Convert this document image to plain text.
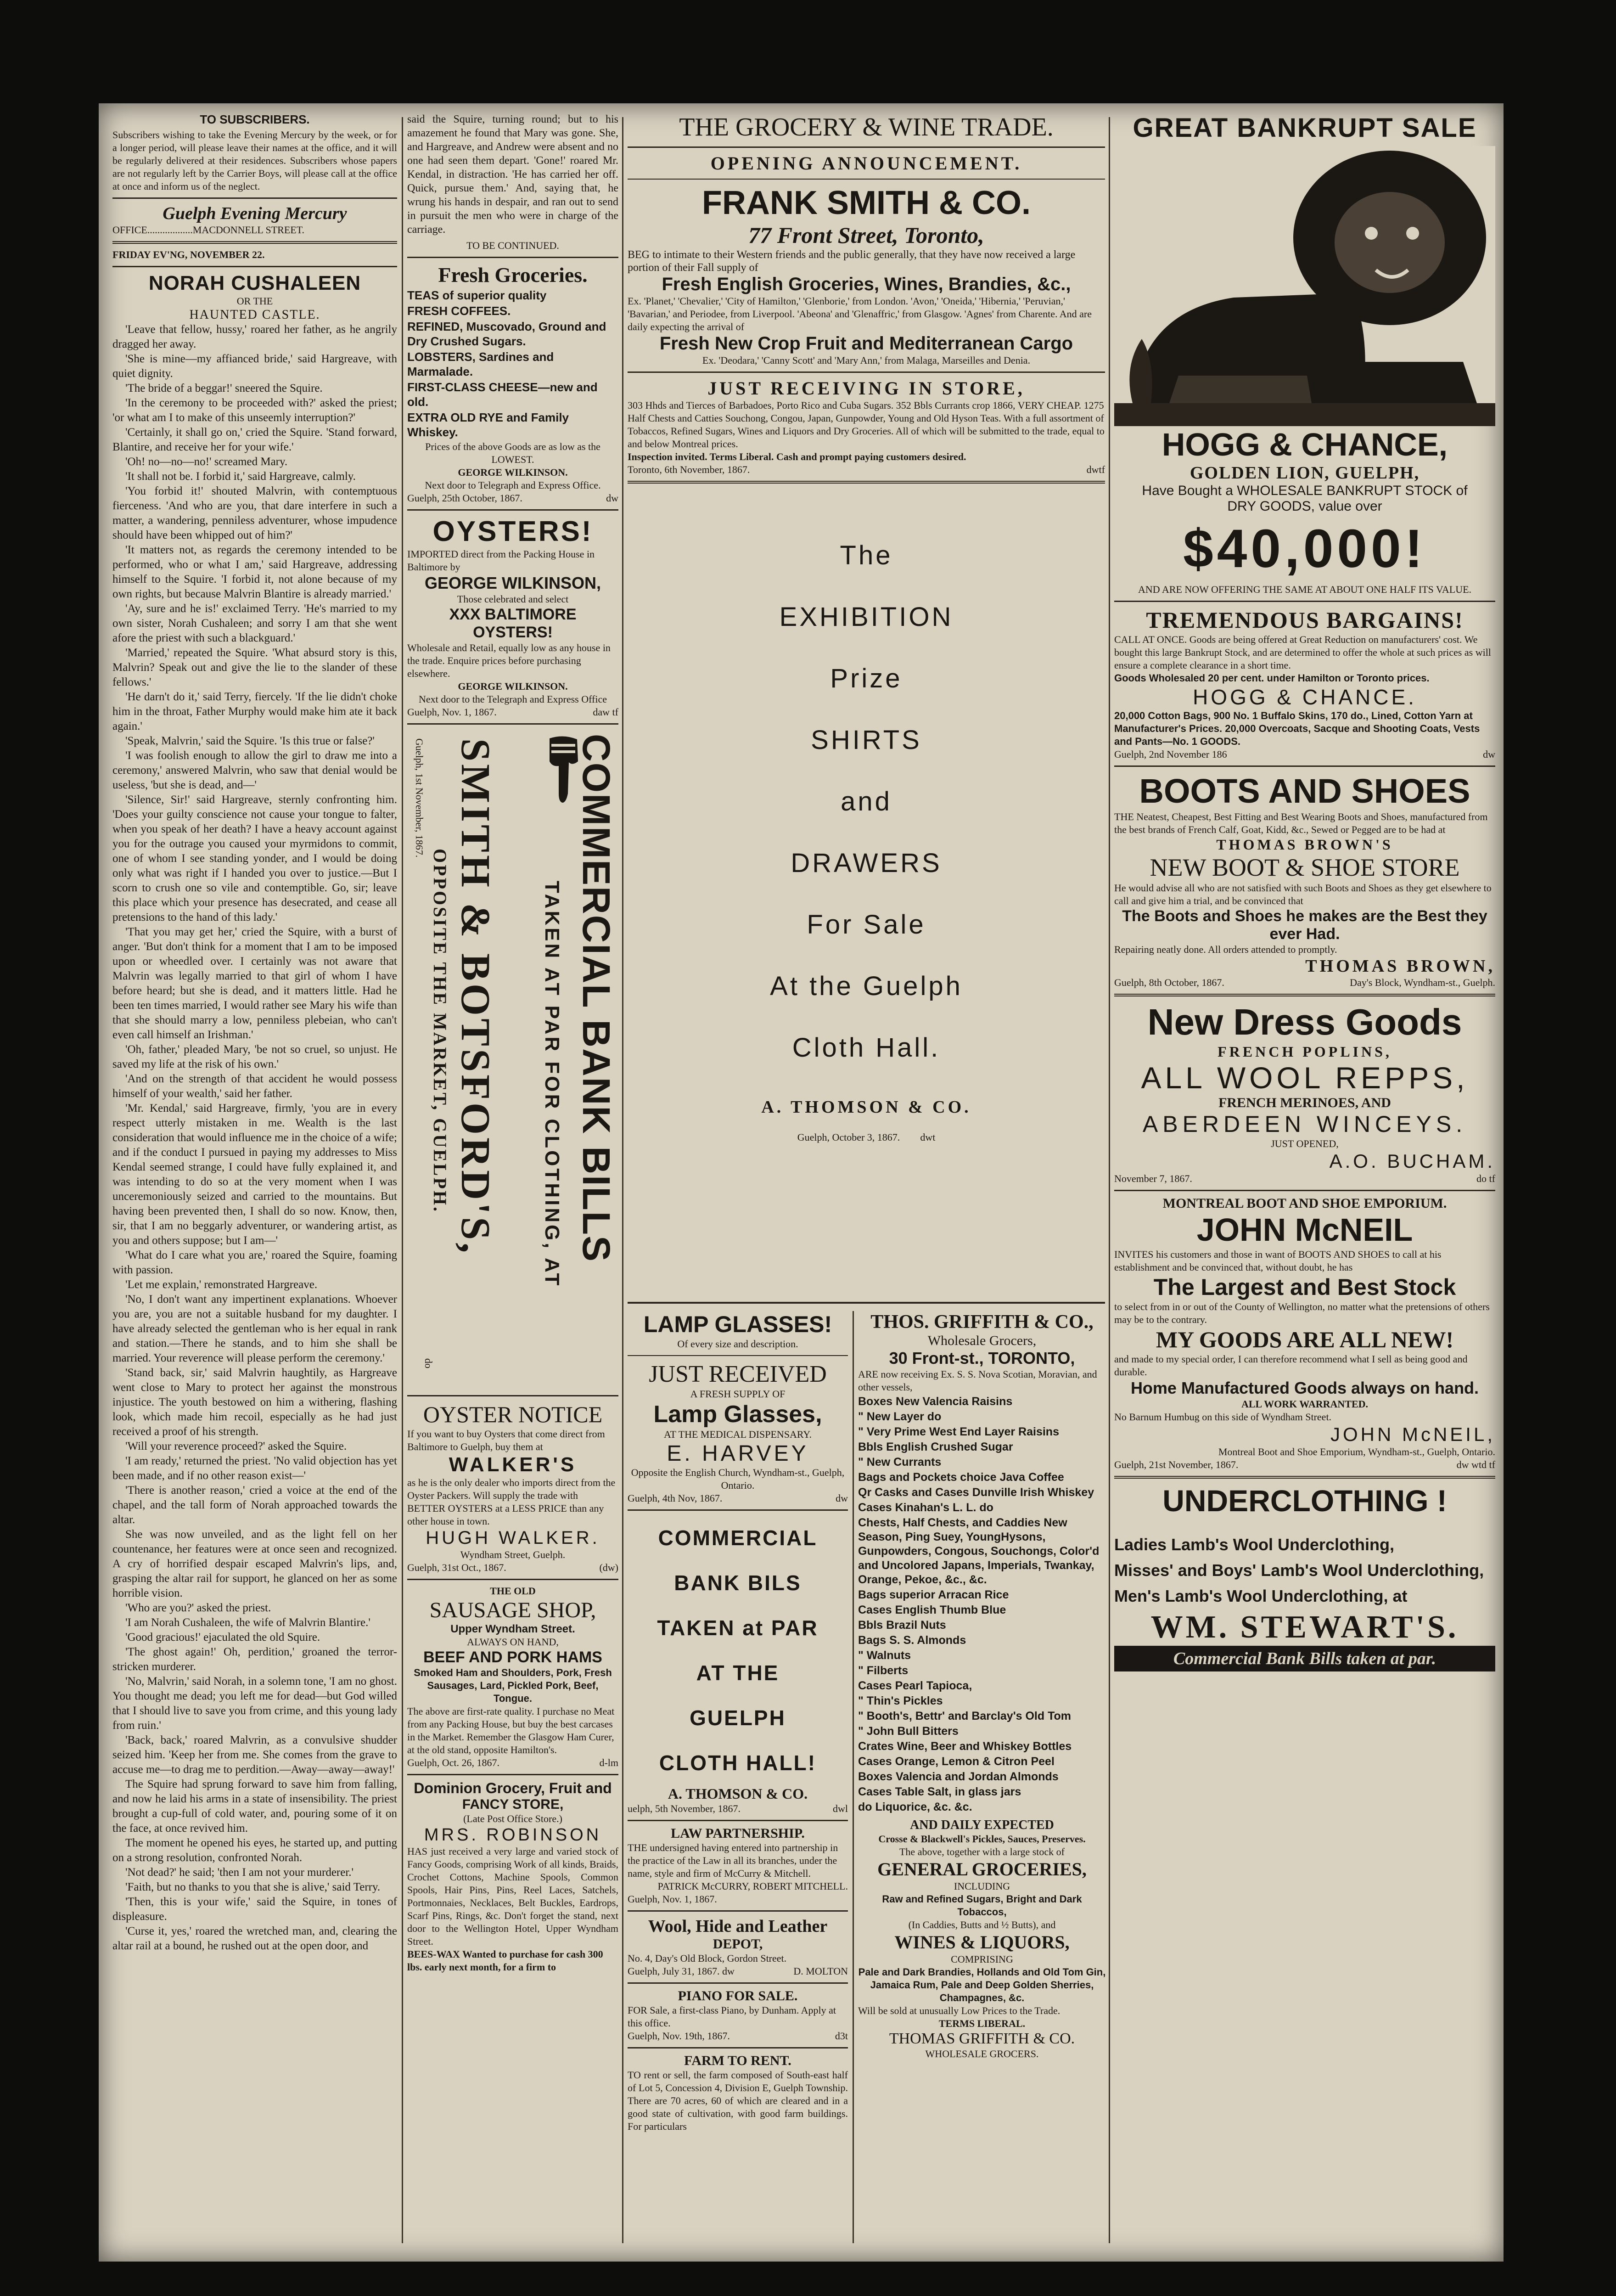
TO SUBSCRIBERS.
Subscribers wishing to take the Evening Mercury by the week, or for a longer period, will please leave their names at the office, and it will be regularly delivered at their residences. Subscribers whose papers are not regularly left by the Carrier Boys, will please call at the office at once and inform us of the neglect.
Guelph Evening Mercury
OFFICE..................MACDONNELL STREET.
FRIDAY EV'NG, NOVEMBER 22.
NORAH CUSHALEEN
OR THE
HAUNTED CASTLE.

'Leave that fellow, hussy,' roared her father, as he angrily dragged her away.

'She is mine—my affianced bride,' said Hargreave, with quiet dignity.

'The bride of a beggar!' sneered the Squire.

'In the ceremony to be proceeded with?' asked the priest; 'or what am I to make of this unseemly interruption?'

'Certainly, it shall go on,' cried the Squire. 'Stand forward, Blantire, and receive her for your wife.'

'Oh! no—no—no!' screamed Mary.

'It shall not be. I forbid it,' said Hargreave, calmly.

'You forbid it!' shouted Malvrin, with contemptuous fierceness. 'And who are you, that dare interfere in such a matter, a wandering, penniless adventurer, whose impudence should have been whipped out of him?'

'It matters not, as regards the ceremony intended to be performed, who or what I am,' said Hargreave, addressing himself to the Squire. 'I forbid it, not alone because of my own rights, but because Malvrin Blantire is already married.'

'Ay, sure and he is!' exclaimed Terry. 'He's married to my own sister, Norah Cushaleen; and sorry I am that she went afore the priest with such a blackguard.'

'Married,' repeated the Squire. 'What absurd story is this, Malvrin? Speak out and give the lie to the slander of these fellows.'

'He darn't do it,' said Terry, fiercely. 'If the lie didn't choke him in the throat, Father Murphy would make him ate it back again.'

'Speak, Malvrin,' said the Squire. 'Is this true or false?'

'I was foolish enough to allow the girl to draw me into a ceremony,' answered Malvrin, who saw that denial would be useless, 'but she is dead, and—'

'Silence, Sir!' said Hargreave, sternly confronting him. 'Does your guilty conscience not cause your tongue to falter, when you speak of her death? I have a heavy account against you for the outrage you caused your myrmidons to commit, one of whom I see standing yonder, and I would be doing only what was right if I handed you over to justice.—But I scorn to crush one so vile and contemptible. Go, sir; leave this place which your presence has desecrated, and cease all pretensions to the hand of this lady.'

'That you may get her,' cried the Squire, with a burst of anger. 'But don't think for a moment that I am to be imposed upon or wheedled over. I certainly was not aware that Malvrin was legally married to that girl of whom I have before heard; but she is dead, and it matters little. Had he been ten times married, I would rather see Mary his wife than that she should marry a low, penniless plebeian, who can't even call himself an Irishman.'

'Oh, father,' pleaded Mary, 'be not so cruel, so unjust. He saved my life at the risk of his own.'

'And on the strength of that accident he would possess himself of your wealth,' said her father.

'Mr. Kendal,' said Hargreave, firmly, 'you are in every respect utterly mistaken in me. Wealth is the last consideration that would influence me in the choice of a wife; and if the conduct I pursued in paying my addresses to Miss Kendal seemed strange, I could have fully explained it, and was intending to do so at the very moment when I was unceremoniously seized and carried to the mountains. But having been prevented then, I shall do so now. Know, then, sir, that I am no beggarly adventurer, or wandering artist, as you and others suppose; but I am—'

'What do I care what you are,' roared the Squire, foaming with passion.

'Let me explain,' remonstrated Hargreave.

'No, I don't want any impertinent explanations. Whoever you are, you are not a suitable husband for my daughter. I have already selected the gentleman who is her equal in rank and station.—There he stands, and to him she shall be married. Your reverence will please perform the ceremony.'

'Stand back, sir,' said Malvrin haughtily, as Hargreave went close to Mary to protect her against the monstrous injustice. The youth bestowed on him a withering, flashing look, which made him recoil, especially as he had just received a proof of his strength.

'Will your reverence proceed?' asked the Squire.

'I am ready,' returned the priest. 'No valid objection has yet been made, and if no other reason exist—'

'There is another reason,' cried a voice at the end of the chapel, and the tall form of Norah approached towards the altar.

She was now unveiled, and as the light fell on her countenance, her features were at once seen and recognized. A cry of horrified despair escaped Malvrin's lips, and, grasping the altar rail for support, he glanced on her as some horrible vision.

'Who are you?' asked the priest.

'I am Norah Cushaleen, the wife of Malvrin Blantire.'

'Good gracious!' ejaculated the old Squire.

'The ghost again!' Oh, perdition,' groaned the terror-stricken murderer.

'No, Malvrin,' said Norah, in a solemn tone, 'I am no ghost. You thought me dead; you left me for dead—but God willed that I should live to save you from crime, and this young lady from ruin.'

'Back, back,' roared Malvrin, as a convulsive shudder seized him. 'Keep her from me. She comes from the grave to accuse me—to drag me to perdition.—Away—away—away!'

The Squire had sprung forward to save him from falling, and now he laid his arms in a state of insensibility. The priest brought a cup-full of cold water, and, pouring some of it on the face, at once revived him.

The moment he opened his eyes, he started up, and putting on a strong resolution, confronted Norah.

'Not dead?' he said; 'then I am not your murderer.'

'Faith, but no thanks to you that she is alive,' said Terry.

'Then, this is your wife,' said the Squire, in tones of displeasure.

'Curse it, yes,' roared the wretched man, and, clearing the altar rail at a bound, he rushed out at the open door, and

said the Squire, turning round; but to his amazement he found that Mary was gone. She, and Hargreave, and Andrew were absent and no one had seen them depart. 'Gone!' roared Mr. Kendal, in distraction. 'He has carried her off. Quick, pursue them.' And, saying that, he wrung his hands in despair, and ran out to send in pursuit the men who were in charge of the carriage.
TO BE CONTINUED.
Fresh Groceries.
TEAS of superior quality
FRESH COFFEES.
REFINED, Muscovado, Ground and Dry Crushed Sugars.
LOBSTERS, Sardines and Marmalade.
FIRST-CLASS CHEESE—new and old.
EXTRA OLD RYE and Family Whiskey.
Prices of the above Goods are as low as the LOWEST.
GEORGE WILKINSON.
Next door to Telegraph and Express Office.
Guelph, 25th October, 1867.	dw
OYSTERS!
IMPORTED direct from the Packing House in Baltimore by
GEORGE WILKINSON,
Those celebrated and select
XXX BALTIMORE OYSTERS!
Wholesale and Retail, equally low as any house in the trade. Enquire prices before purchasing elsewhere.
GEORGE WILKINSON.
Next door to the Telegraph and Express Office
Guelph, Nov. 1, 1867.	daw tf
Guelph, 1st November, 1867.	COMMERCIAL BANK BILLS
TAKEN AT PAR FOR CLOTHING, AT
SMITH & BOTSFORD'S,
OPPOSITE THE MARKET, GUELPH.
do
OYSTER NOTICE
If you want to buy Oysters that come direct from Baltimore to Guelph, buy them at
WALKER'S
as he is the only dealer who imports direct from the Oyster Packers. Will supply the trade with BETTER OYSTERS at a LESS PRICE than any other house in town.
HUGH WALKER.
Wyndham Street, Guelph.
Guelph, 31st Oct., 1867.	(dw)
THE OLD
SAUSAGE SHOP,
Upper Wyndham Street.
ALWAYS ON HAND,
BEEF AND PORK HAMS
Smoked Ham and Shoulders, Pork, Fresh Sausages, Lard, Pickled Pork, Beef, Tongue.
The above are first-rate quality. I purchase no Meat from any Packing House, but buy the best carcases in the Market. Remember the Glasgow Ham Curer, at the old stand, opposite Hamilton's.
Guelph, Oct. 26, 1867.	d-lm
Dominion Grocery, Fruit and
FANCY STORE,
(Late Post Office Store.)
MRS. ROBINSON
HAS just received a very large and varied stock of Fancy Goods, comprising Work of all kinds, Braids, Crochet Cottons, Machine Spools, Common Spools, Hair Pins, Pins, Reel Laces, Satchels, Portmonnaies, Necklaces, Belt Buckles, Eardrops, Scarf Pins, Rings, &c. Don't forget the stand, next door to the Wellington Hotel, Upper Wyndham Street.
BEES-WAX Wanted to purchase for cash 300 lbs. early next month, for a firm to
THE GROCERY & WINE TRADE.
OPENING ANNOUNCEMENT.
FRANK SMITH & CO.
77 Front Street, Toronto,
BEG to intimate to their Western friends and the public generally, that they have now received a large portion of their Fall supply of
Fresh English Groceries, Wines, Brandies, &c.,
Ex. 'Planet,' 'Chevalier,' 'City of Hamilton,' 'Glenborie,' from London. 'Avon,' 'Oneida,' 'Hibernia,' 'Peruvian,' 'Bavarian,' and Periodee, from Liverpool. 'Abeona' and 'Glenaffric,' from Glasgow. 'Agnes' from Charente. And are daily expecting the arrival of
Fresh New Crop Fruit and Mediterranean Cargo
Ex. 'Deodara,' 'Canny Scott' and 'Mary Ann,' from Malaga, Marseilles and Denia.
JUST RECEIVING IN STORE,
303 Hhds and Tierces of Barbadoes, Porto Rico and Cuba Sugars. 352 Bbls Currants crop 1866, VERY CHEAP. 1275 Half Chests and Catties Souchong, Congou, Japan, Gunpowder, Young and Old Hyson Teas. With a full assortment of Tobaccos, Refined Sugars, Wines and Liquors and Dry Groceries. All of which will be submitted to the trade, equal to and below Montreal prices.
Inspection invited. Terms Liberal. Cash and prompt paying customers desired.
Toronto, 6th November, 1867.	dwtf
The
EXHIBITION
Prize
SHIRTS
and
DRAWERS
For Sale
At the Guelph
Cloth Hall.
A. THOMSON & CO.
Guelph, October 3, 1867. dwt
LAMP GLASSES!
Of every size and description.
JUST RECEIVED
A FRESH SUPPLY OF
Lamp Glasses,
AT THE MEDICAL DISPENSARY.
E. HARVEY
Opposite the English Church, Wyndham-st., Guelph, Ontario.
Guelph, 4th Nov, 1867.	dw
COMMERCIAL
BANK BILS
TAKEN at PAR
AT THE
GUELPH
CLOTH HALL!
A. THOMSON & CO.
uelph, 5th November, 1867.	dwl
LAW PARTNERSHIP.
THE undersigned having entered into partnership in the practice of the Law in all its branches, under the name, style and firm of McCurry & Mitchell.
PATRICK McCURRY, ROBERT MITCHELL.
Guelph, Nov. 1, 1867.
Wool, Hide and Leather
DEPOT,
No. 4, Day's Old Block, Gordon Street.
Guelph, July 31, 1867. dw	D. MOLTON
PIANO FOR SALE.
FOR Sale, a first-class Piano, by Dunham. Apply at this office.
Guelph, Nov. 19th, 1867.	d3t
FARM TO RENT.
TO rent or sell, the farm composed of South-east half of Lot 5, Concession 4, Division E, Guelph Township. There are 70 acres, 60 of which are cleared and in a good state of cultivation, with good farm buildings. For particulars
THOS. GRIFFITH & CO.,
Wholesale Grocers,
30 Front-st., TORONTO,
ARE now receiving Ex. S. S. Nova Scotian, Moravian, and other vessels,
Boxes New Valencia Raisins
" New Layer do
" Very Prime West End Layer Raisins
Bbls English Crushed Sugar
" New Currants
Bags and Pockets choice Java Coffee
Qr Casks and Cases Dunville Irish Whiskey
Cases Kinahan's L. L. do
Chests, Half Chests, and Caddies New Season, Ping Suey, YoungHysons, Gunpowders, Congous, Souchongs, Color'd and Uncolored Japans, Imperials, Twankay, Orange, Pekoe, &c., &c.
Bags superior Arracan Rice
Cases English Thumb Blue
Bbls Brazil Nuts
Bags S. S. Almonds
" Walnuts
" Filberts
Cases Pearl Tapioca,
" Thin's Pickles
" Booth's, Bettr' and Barclay's Old Tom
" John Bull Bitters
Crates Wine, Beer and Whiskey Bottles
Cases Orange, Lemon & Citron Peel
Boxes Valencia and Jordan Almonds
Cases Table Salt, in glass jars
do Liquorice, &c. &c.
AND DAILY EXPECTED
Crosse & Blackwell's Pickles, Sauces, Preserves.
The above, together with a large stock of
GENERAL GROCERIES,
INCLUDING
Raw and Refined Sugars, Bright and Dark Tobaccos,
(In Caddies, Butts and ½ Butts), and
WINES & LIQUORS,
COMPRISING
Pale and Dark Brandies, Hollands and Old Tom Gin, Jamaica Rum, Pale and Deep Golden Sherries, Champagnes, &c.
Will be sold at unusually Low Prices to the Trade.
TERMS LIBERAL.
THOMAS GRIFFITH & CO.
WHOLESALE GROCERS.
GREAT BANKRUPT SALE
HOGG & CHANCE,
GOLDEN LION, GUELPH,
Have Bought a WHOLESALE BANKRUPT STOCK of
DRY GOODS, value over
$40,000!
AND ARE NOW OFFERING THE SAME AT ABOUT ONE HALF ITS VALUE.
TREMENDOUS BARGAINS!
CALL AT ONCE. Goods are being offered at Great Reduction on manufacturers' cost. We bought this large Bankrupt Stock, and are determined to offer the whole at such prices as will ensure a complete clearance in a short time.
Goods Wholesaled 20 per cent. under Hamilton or Toronto prices.
HOGG & CHANCE.
20,000 Cotton Bags, 900 No. 1 Buffalo Skins, 170 do., Lined, Cotton Yarn at Manufacturer's Prices. 20,000 Overcoats, Sacque and Shooting Coats, Vests and Pants—No. 1 GOODS.
Guelph, 2nd November 186	dw
BOOTS AND SHOES
THE Neatest, Cheapest, Best Fitting and Best Wearing Boots and Shoes, manufactured from the best brands of French Calf, Goat, Kidd, &c., Sewed or Pegged are to be had at
THOMAS BROWN'S
NEW BOOT & SHOE STORE
He would advise all who are not satisfied with such Boots and Shoes as they get elsewhere to call and give him a trial, and be convinced that
The Boots and Shoes he makes are the Best they ever Had.
Repairing neatly done. All orders attended to promptly.
THOMAS BROWN,
Guelph, 8th October, 1867.	Day's Block, Wyndham-st., Guelph.
New Dress Goods
FRENCH POPLINS,
ALL WOOL REPPS,
FRENCH MERINOES, AND
ABERDEEN WINCEYS.
JUST OPENED,
A.O. BUCHAM.
November 7, 1867.	do tf
MONTREAL BOOT AND SHOE EMPORIUM.
JOHN McNEIL
INVITES his customers and those in want of BOOTS AND SHOES to call at his establishment and be convinced that, without doubt, he has
The Largest and Best Stock
to select from in or out of the County of Wellington, no matter what the pretensions of others may be to the contrary.
MY GOODS ARE ALL NEW!
and made to my special order, I can therefore recommend what I sell as being good and durable.
Home Manufactured Goods always on hand.
ALL WORK WARRANTED.
No Barnum Humbug on this side of Wyndham Street.
JOHN McNEIL,
Montreal Boot and Shoe Emporium, Wyndham-st., Guelph, Ontario.
Guelph, 21st November, 1867.	dw wtd tf
UNDERCLOTHING !
Ladies Lamb's Wool Underclothing,
Misses' and Boys' Lamb's Wool Underclothing,
Men's Lamb's Wool Underclothing, at
WM. STEWART'S.
Commercial Bank Bills taken at par.
